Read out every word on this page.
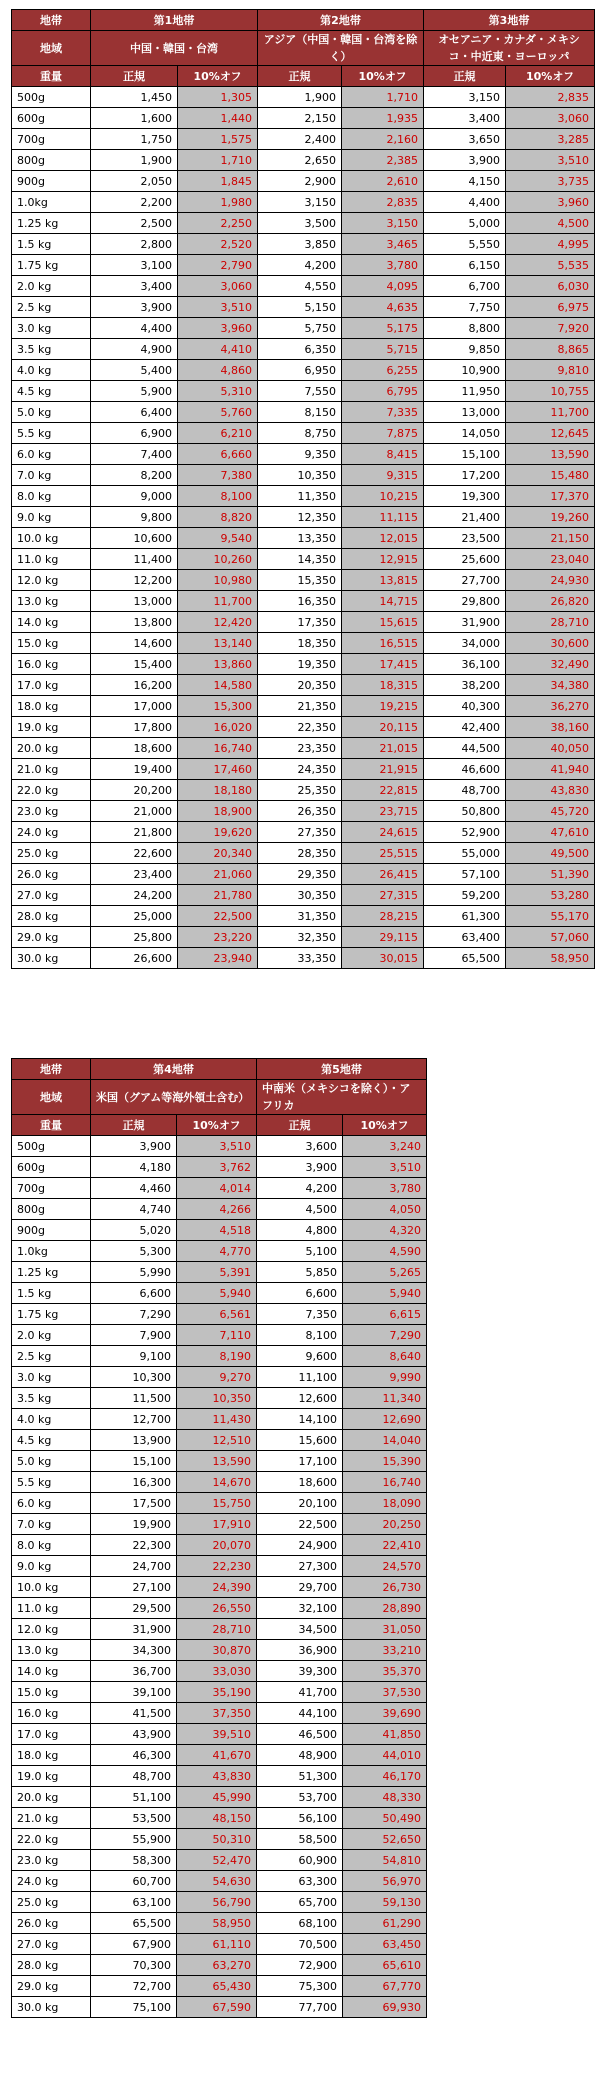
地帯	第1地帯		第2地帯		第3地帯	
地域	中国・韓国・台湾		アジア（中国・韓国・台湾を除く）		オセアニア・カナダ・メキシコ・中近東・ヨーロッパ	
重量	正規	10%オフ	正規	10%オフ	正規	10%オフ
500g	1,450	1,305	1,900	1,710	3,150	2,835
600g	1,600	1,440	2,150	1,935	3,400	3,060
700g	1,750	1,575	2,400	2,160	3,650	3,285
800g	1,900	1,710	2,650	2,385	3,900	3,510
900g	2,050	1,845	2,900	2,610	4,150	3,735
1.0kg	2,200	1,980	3,150	2,835	4,400	3,960
1.25 kg	2,500	2,250	3,500	3,150	5,000	4,500
1.5 kg	2,800	2,520	3,850	3,465	5,550	4,995
1.75 kg	3,100	2,790	4,200	3,780	6,150	5,535
2.0 kg	3,400	3,060	4,550	4,095	6,700	6,030
2.5 kg	3,900	3,510	5,150	4,635	7,750	6,975
3.0 kg	4,400	3,960	5,750	5,175	8,800	7,920
3.5 kg	4,900	4,410	6,350	5,715	9,850	8,865
4.0 kg	5,400	4,860	6,950	6,255	10,900	9,810
4.5 kg	5,900	5,310	7,550	6,795	11,950	10,755
5.0 kg	6,400	5,760	8,150	7,335	13,000	11,700
5.5 kg	6,900	6,210	8,750	7,875	14,050	12,645
6.0 kg	7,400	6,660	9,350	8,415	15,100	13,590
7.0 kg	8,200	7,380	10,350	9,315	17,200	15,480
8.0 kg	9,000	8,100	11,350	10,215	19,300	17,370
9.0 kg	9,800	8,820	12,350	11,115	21,400	19,260
10.0 kg	10,600	9,540	13,350	12,015	23,500	21,150
11.0 kg	11,400	10,260	14,350	12,915	25,600	23,040
12.0 kg	12,200	10,980	15,350	13,815	27,700	24,930
13.0 kg	13,000	11,700	16,350	14,715	29,800	26,820
14.0 kg	13,800	12,420	17,350	15,615	31,900	28,710
15.0 kg	14,600	13,140	18,350	16,515	34,000	30,600
16.0 kg	15,400	13,860	19,350	17,415	36,100	32,490
17.0 kg	16,200	14,580	20,350	18,315	38,200	34,380
18.0 kg	17,000	15,300	21,350	19,215	40,300	36,270
19.0 kg	17,800	16,020	22,350	20,115	42,400	38,160
20.0 kg	18,600	16,740	23,350	21,015	44,500	40,050
21.0 kg	19,400	17,460	24,350	21,915	46,600	41,940
22.0 kg	20,200	18,180	25,350	22,815	48,700	43,830
23.0 kg	21,000	18,900	26,350	23,715	50,800	45,720
24.0 kg	21,800	19,620	27,350	24,615	52,900	47,610
25.0 kg	22,600	20,340	28,350	25,515	55,000	49,500
26.0 kg	23,400	21,060	29,350	26,415	57,100	51,390
27.0 kg	24,200	21,780	30,350	27,315	59,200	53,280
28.0 kg	25,000	22,500	31,350	28,215	61,300	55,170
29.0 kg	25,800	23,220	32,350	29,115	63,400	57,060
30.0 kg	26,600	23,940	33,350	30,015	65,500	58,950
地帯	第4地帯		第5地帯	
地域	米国（グアム等海外領土含む）		中南米（メキシコを除く）・アフリカ	
重量	正規	10%オフ	正規	10%オフ
500g	3,900	3,510	3,600	3,240
600g	4,180	3,762	3,900	3,510
700g	4,460	4,014	4,200	3,780
800g	4,740	4,266	4,500	4,050
900g	5,020	4,518	4,800	4,320
1.0kg	5,300	4,770	5,100	4,590
1.25 kg	5,990	5,391	5,850	5,265
1.5 kg	6,600	5,940	6,600	5,940
1.75 kg	7,290	6,561	7,350	6,615
2.0 kg	7,900	7,110	8,100	7,290
2.5 kg	9,100	8,190	9,600	8,640
3.0 kg	10,300	9,270	11,100	9,990
3.5 kg	11,500	10,350	12,600	11,340
4.0 kg	12,700	11,430	14,100	12,690
4.5 kg	13,900	12,510	15,600	14,040
5.0 kg	15,100	13,590	17,100	15,390
5.5 kg	16,300	14,670	18,600	16,740
6.0 kg	17,500	15,750	20,100	18,090
7.0 kg	19,900	17,910	22,500	20,250
8.0 kg	22,300	20,070	24,900	22,410
9.0 kg	24,700	22,230	27,300	24,570
10.0 kg	27,100	24,390	29,700	26,730
11.0 kg	29,500	26,550	32,100	28,890
12.0 kg	31,900	28,710	34,500	31,050
13.0 kg	34,300	30,870	36,900	33,210
14.0 kg	36,700	33,030	39,300	35,370
15.0 kg	39,100	35,190	41,700	37,530
16.0 kg	41,500	37,350	44,100	39,690
17.0 kg	43,900	39,510	46,500	41,850
18.0 kg	46,300	41,670	48,900	44,010
19.0 kg	48,700	43,830	51,300	46,170
20.0 kg	51,100	45,990	53,700	48,330
21.0 kg	53,500	48,150	56,100	50,490
22.0 kg	55,900	50,310	58,500	52,650
23.0 kg	58,300	52,470	60,900	54,810
24.0 kg	60,700	54,630	63,300	56,970
25.0 kg	63,100	56,790	65,700	59,130
26.0 kg	65,500	58,950	68,100	61,290
27.0 kg	67,900	61,110	70,500	63,450
28.0 kg	70,300	63,270	72,900	65,610
29.0 kg	72,700	65,430	75,300	67,770
30.0 kg	75,100	67,590	77,700	69,930
